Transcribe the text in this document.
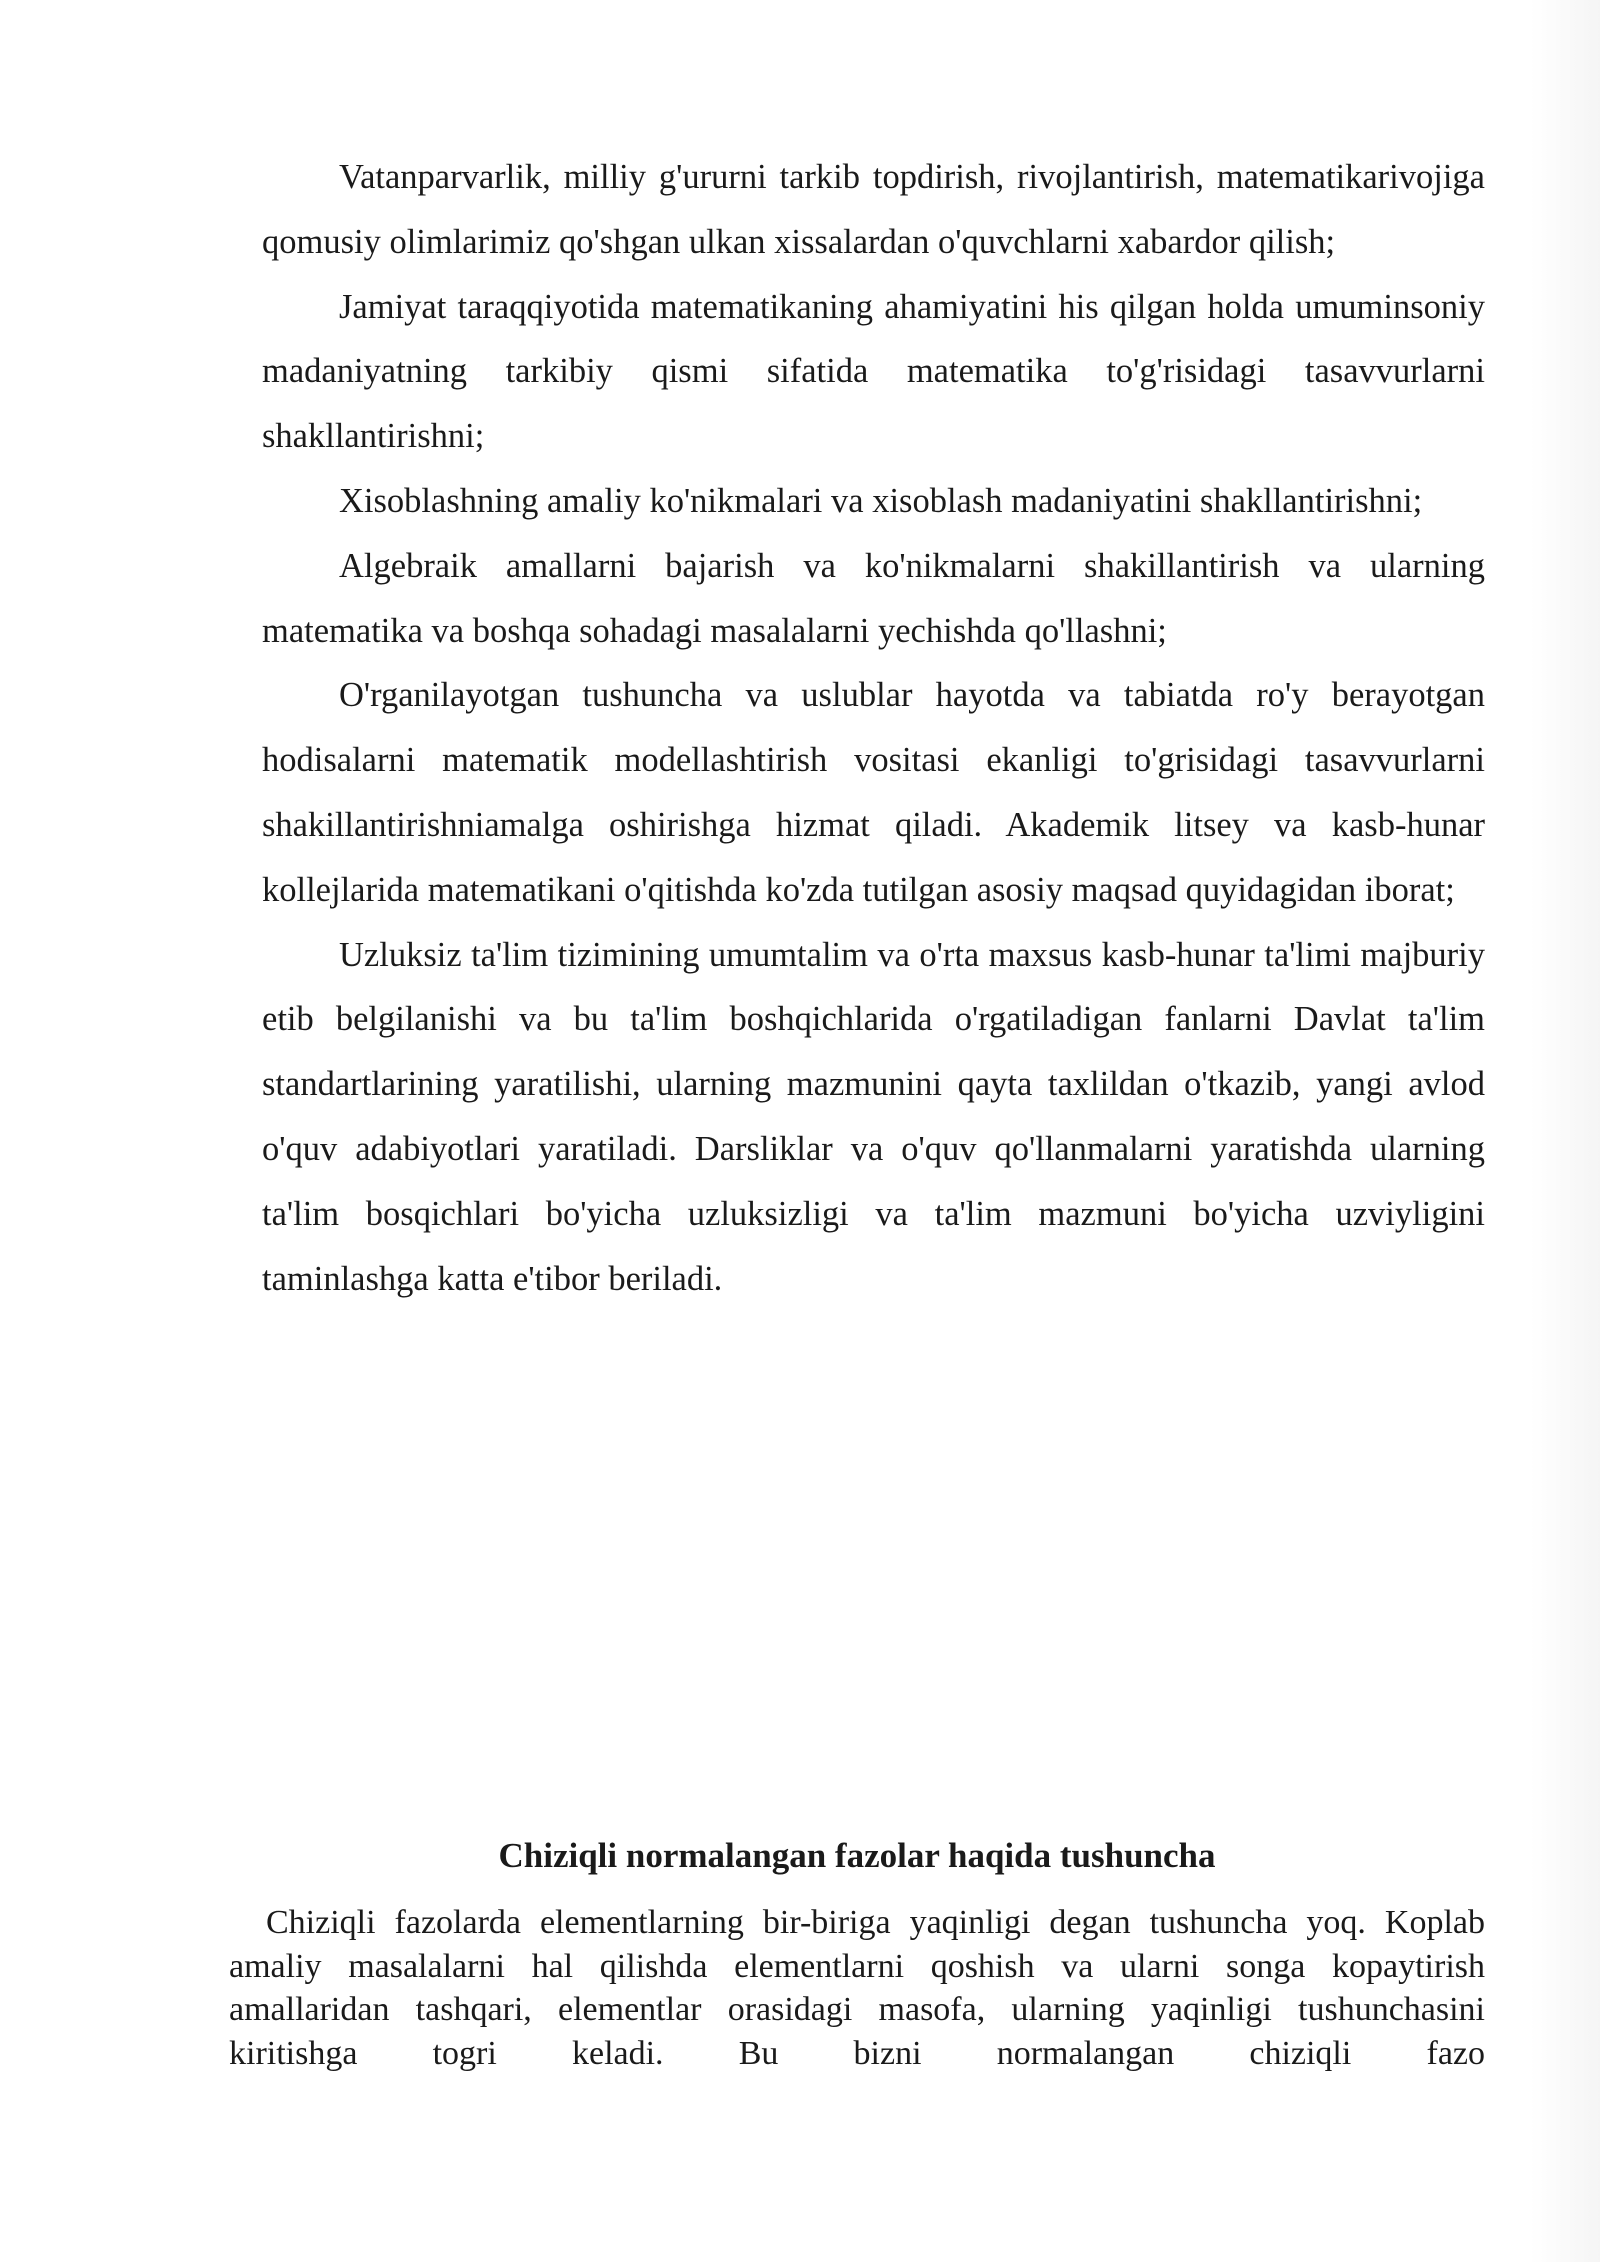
Vatanparvarlik, milliy g'ururni tarkib topdirish, rivojlantirish, matematikarivojiga qomusiy olimlarimiz qo'shgan ulkan xissalardan o'quvchlarni xabardor qilish;

Jamiyat taraqqiyotida matematikaning ahamiyatini his qilgan holda umuminsoniy madaniyatning tarkibiy qismi sifatida matematika to'g'risidagi tasavvurlarni shakllantirishni;

Xisoblashning amaliy ko'nikmalari va xisoblash madaniyatini shakllantirishni;

Algebraik amallarni bajarish va ko'nikmalarni shakillantirish va ularning matematika va boshqa sohadagi masalalarni yechishda qo'llashni;

O'rganilayotgan tushuncha va uslublar hayotda va tabiatda ro'y berayotgan hodisalarni matematik modellashtirish vositasi ekanligi to'grisidagi tasavvurlarni shakillantirishniamalga oshirishga hizmat qiladi. Akademik litsey va kasb-hunar kollejlarida matematikani o'qitishda ko'zda tutilgan asosiy maqsad quyidagidan iborat;

Uzluksiz ta'lim tizimining umumtalim va o'rta maxsus kasb-hunar ta'limi majburiy etib belgilanishi va bu ta'lim boshqichlarida o'rgatiladigan fanlarni Davlat ta'lim standartlarining yaratilishi, ularning mazmunini qayta taxlildan o'tkazib, yangi avlod o'quv adabiyotlari yaratiladi. Darsliklar va o'quv qo'llanmalarni yaratishda ularning ta'lim bosqichlari bo'yicha uzluksizligi va ta'lim mazmuni bo'yicha uzviyligini taminlashga katta e'tibor beriladi.

Chiziqli normalangan fazolar haqida tushuncha

Chiziqli fazolarda elementlarning bir-biriga yaqinligi degan tushuncha yoq. Koplab amaliy masalalarni hal qilishda elementlarni qoshish va ularni songa kopaytirish amallaridan tashqari, elementlar orasidagi masofa, ularning yaqinligi tushunchasini kiritishga togri keladi. Bu bizni normalangan chiziqli fazo
